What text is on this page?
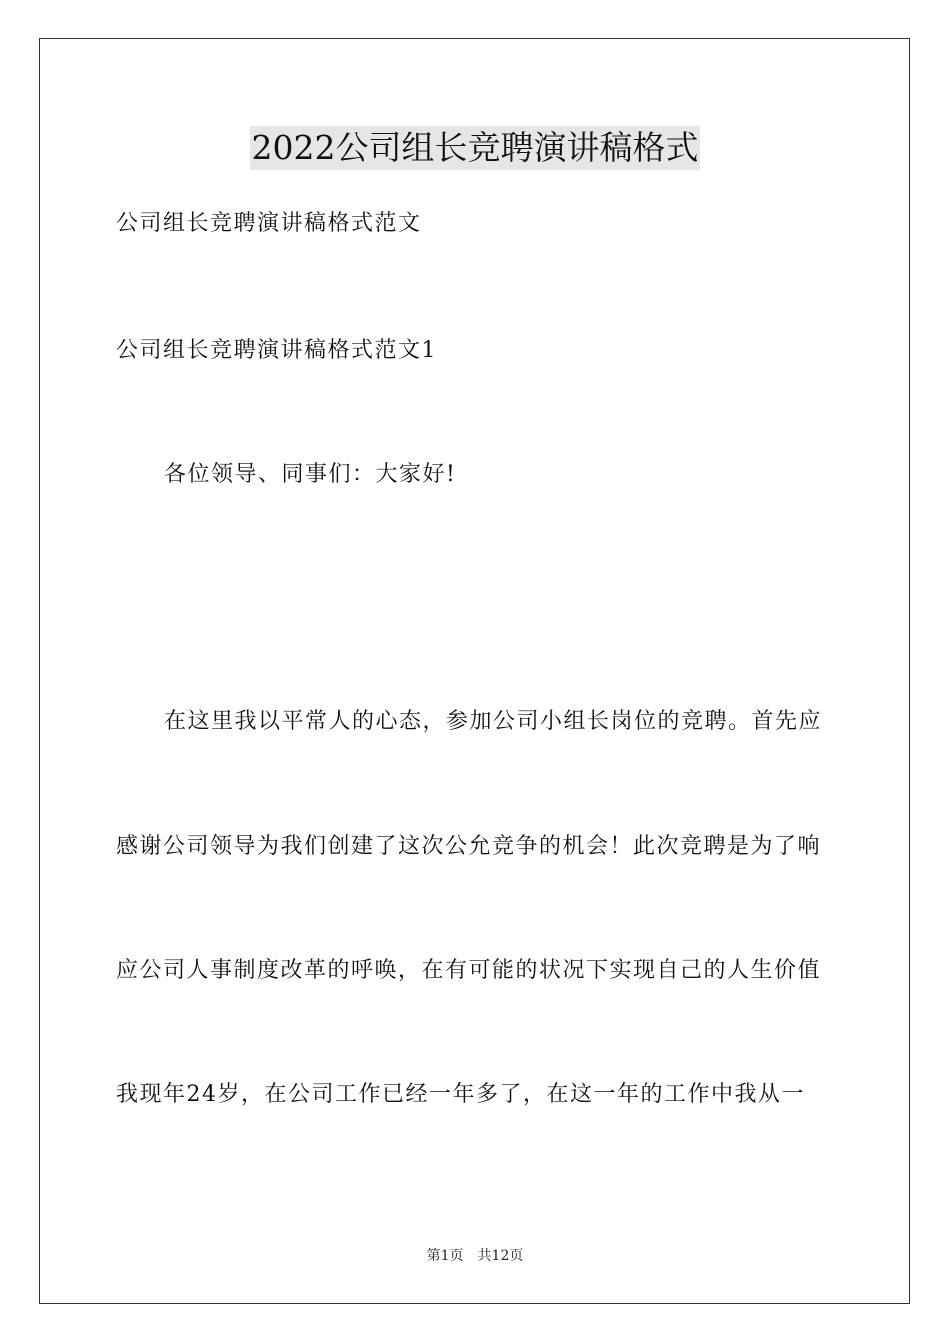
2022公司组长竞聘演讲稿格式
公司组长竞聘演讲稿格式范文
公司组长竞聘演讲稿格式范文1
各位领导、同事们：大家好!
在这里我以平常人的心态，参加公司小组长岗位的竞聘。首先应
感谢公司领导为我们创建了这次公允竞争的机会！此次竞聘是为了响
应公司人事制度改革的呼唤，在有可能的状况下实现自己的人生价值
我现年24岁，在公司工作已经一年多了，在这一年的工作中我从一
第1页 共12页
